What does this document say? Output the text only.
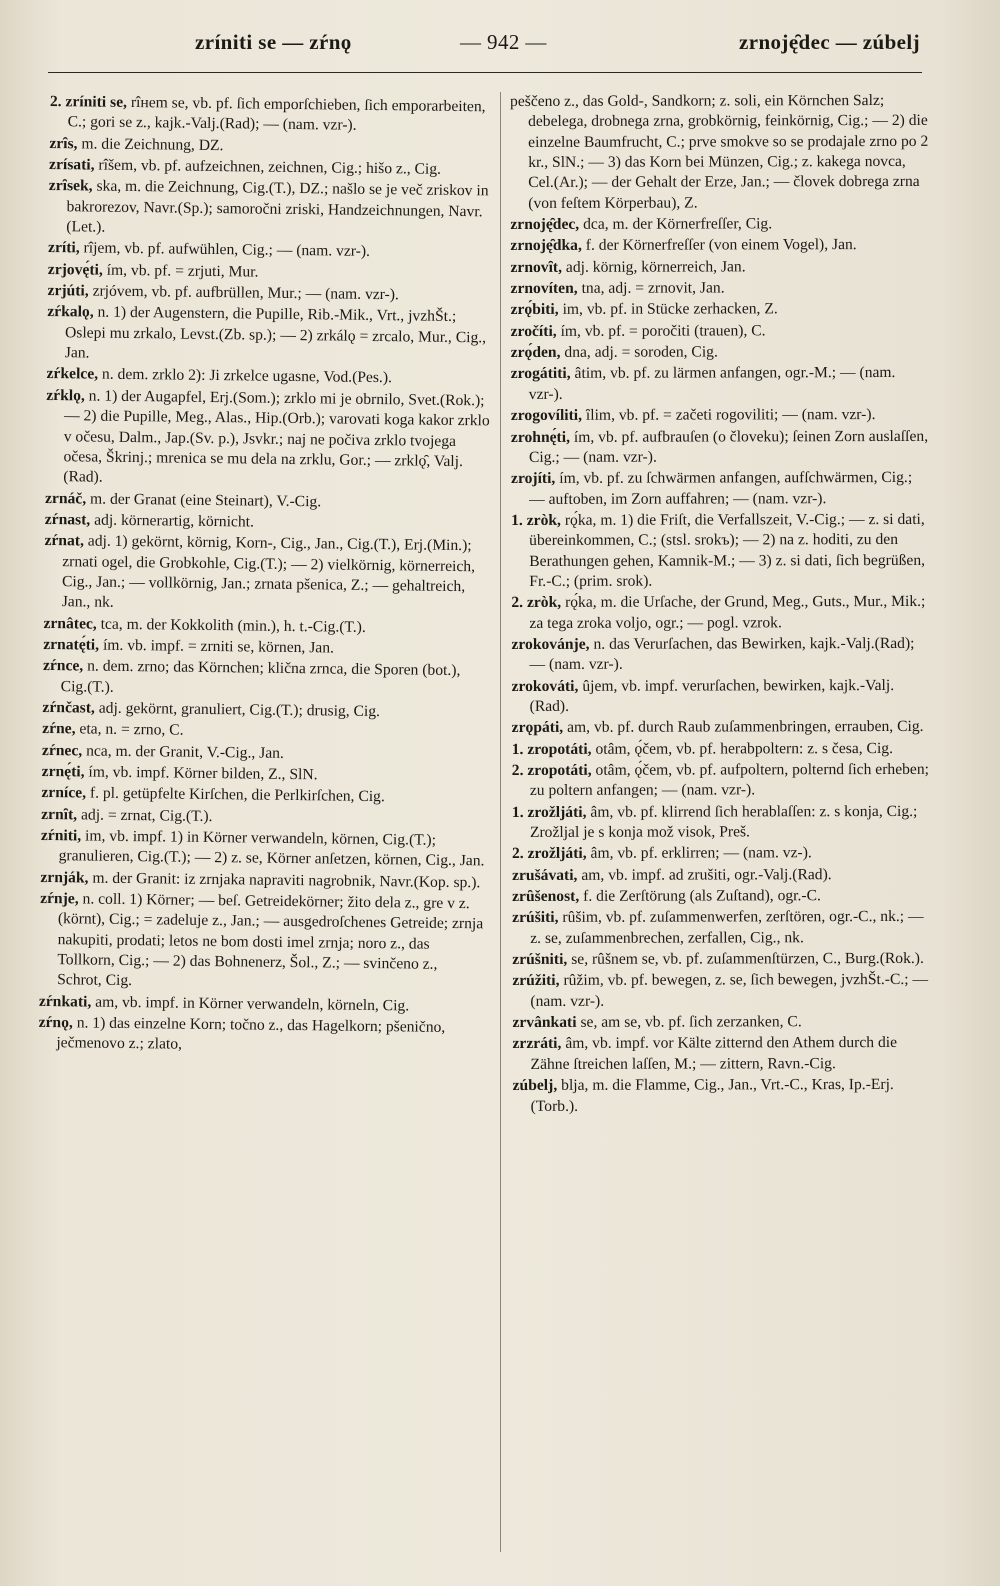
zríniti se — zŕnǫ	— 942 —	zrnoję̑dec — zúbelj
2. zríniti se, rîнem se, vb. pf. ſich emporſchieben, ſich emporarbeiten, C.; gori se z., kajk.-Valj.(Rad); — (nam. vzr-).
zrȋs, m. die Zeichnung, DZ.
zrísati, rîšem, vb. pf. aufzeichnen, zeichnen, Cig.; hišo z., Cig.
zrȋsek, ska, m. die Zeichnung, Cig.(T.), DZ.; našlo se je več zriskov in bakrorezov, Navr.(Sp.); samoročni zriski, Handzeichnungen, Navr.(Let.).
zríti, rîjem, vb. pf. aufwühlen, Cig.; — (nam. vzr-).
zrjovę́ti, ím, vb. pf. = zrjuti, Mur.
zrjúti, zrjóvem, vb. pf. aufbrüllen, Mur.; — (nam. vzr-).
zŕkalǫ, n. 1) der Augenstern, die Pupille, Rib.-Mik., Vrt., jvzhŠt.; Oslepi mu zrkalo, Levst.(Zb. sp.); — 2) zrkálǫ = zrcalo, Mur., Cig., Jan.
zŕkelce, n. dem. zrklo 2): Ji zrkelce ugasne, Vod.(Pes.).
zŕklǫ, n. 1) der Augapfel, Erj.(Som.); zrklo mi je obrnilo, Svet.(Rok.); — 2) die Pupille, Meg., Alas., Hip.(Orb.); varovati koga kakor zrklo v očesu, Dalm., Jap.(Sv. p.), Jsvkr.; naj ne počiva zrklo tvojega očesa, Škrinj.; mrenica se mu dela na zrklu, Gor.; — zrklǫ̑, Valj.(Rad).
zrnáč, m. der Granat (eine Steinart), V.-Cig.
zŕnast, adj. körnerartig, körnicht.
zŕnat, adj. 1) gekörnt, körnig, Korn-, Cig., Jan., Cig.(T.), Erj.(Min.); zrnati ogel, die Grobkohle, Cig.(T.); — 2) vielkörnig, körnerreich, Cig., Jan.; — vollkörnig, Jan.; zrnata pšenica, Z.; — gehaltreich, Jan., nk.
zrnâtec, tca, m. der Kokkolith (min.), h. t.-Cig.(T.).
zrnatę́ti, ím. vb. impf. = zrniti se, körnen, Jan.
zŕnce, n. dem. zrno; das Körnchen; klična zrnca, die Sporen (bot.), Cig.(T.).
zŕnčast, adj. gekörnt, granuliert, Cig.(T.); drusig, Cig.
zŕne, eta, n. = zrno, C.
zŕnec, nca, m. der Granit, V.-Cig., Jan.
zrnę́ti, ím, vb. impf. Körner bilden, Z., SlN.
zrníce, f. pl. getüpfelte Kirſchen, die Perlkirſchen, Cig.
zrnȋt, adj. = zrnat, Cig.(T.).
zŕniti, im, vb. impf. 1) in Körner verwandeln, körnen, Cig.(T.); granulieren, Cig.(T.); — 2) z. se, Körner anſetzen, körnen, Cig., Jan.
zrnják, m. der Granit: iz zrnjaka napraviti nagrobnik, Navr.(Kop. sp.).
zŕnje, n. coll. 1) Körner; — beſ. Getreidekörner; žito dela z., gre v z. (körnt), Cig.; = zadeluje z., Jan.; — ausgedroſchenes Getreide; zrnja nakupiti, prodati; letos ne bom dosti imel zrnja; noro z., das Tollkorn, Cig.; — 2) das Bohnenerz, Šol., Z.; — svinčeno z., Schrot, Cig.
zŕnkati, am, vb. impf. in Körner verwandeln, körneln, Cig.
zŕnǫ, n. 1) das einzelne Korn; točno z., das Hagelkorn; pšenično, ječmenovo z.; zlato,
peščeno z., das Gold-, Sandkorn; z. soli, ein Körnchen Salz; debelega, drobnega zrna, grobkörnig, feinkörnig, Cig.; — 2) die einzelne Baumfrucht, C.; prve smokve so se prodajale zrno po 2 kr., SlN.; — 3) das Korn bei Münzen, Cig.; z. kakega novca, Cel.(Ar.); — der Gehalt der Erze, Jan.; — človek dobrega zrna (von feſtem Körperbau), Z.
zrnoję̑dec, dca, m. der Körnerfreſſer, Cig.
zrnoję̑dka, f. der Körnerfreſſer (von einem Vogel), Jan.
zrnovȋt, adj. körnig, körnerreich, Jan.
zrnovíten, tna, adj. = zrnovit, Jan.
zrǫ́biti, im, vb. pf. in Stücke zerhacken, Z.
zročíti, ím, vb. pf. = poročiti (trauen), C.
zrǫ́den, dna, adj. = soroden, Cig.
zrogátiti, âtim, vb. pf. zu lärmen anfangen, ogr.-M.; — (nam. vzr-).
zrogovíliti, ȋlim, vb. pf. = začeti rogoviliti; — (nam. vzr-).
zrohnę́ti, ím, vb. pf. aufbrauſen (o človeku); ſeinen Zorn auslaſſen, Cig.; — (nam. vzr-).
zrojíti, ím, vb. pf. zu ſchwärmen anfangen, aufſchwärmen, Cig.; — auftoben, im Zorn auffahren; — (nam. vzr-).
1. zròk, rǫ́ka, m. 1) die Friſt, die Verfallszeit, V.-Cig.; — z. si dati, übereinkommen, C.; (stsl. srokъ); — 2) na z. hoditi, zu den Berathungen gehen, Kamnik-M.; — 3) z. si dati, ſich begrüßen, Fr.-C.; (prim. srok).
2. zròk, rǫ́ka, m. die Urſache, der Grund, Meg., Guts., Mur., Mik.; za tega zroka voljo, ogr.; — pogl. vzrok.
zrokovánje, n. das Verurſachen, das Bewirken, kajk.-Valj.(Rad); — (nam. vzr-).
zrokováti, ûjem, vb. impf. verurſachen, bewirken, kajk.-Valj.(Rad).
zrǫpáti, am, vb. pf. durch Raub zuſammenbringen, errauben, Cig.
1. zropotáti, otâm, ǫ́čem, vb. pf. herabpoltern: z. s česa, Cig.
2. zropotáti, otâm, ǫ́čem, vb. pf. aufpoltern, polternd ſich erheben; zu poltern anfangen; — (nam. vzr-).
1. zrožljáti, âm, vb. pf. klirrend ſich herablaſſen: z. s konja, Cig.; Zrožljal je s konja mož visok, Preš.
2. zrožljáti, âm, vb. pf. erklirren; — (nam. vz-).
zrušávati, am, vb. impf. ad zrušiti, ogr.-Valj.(Rad).
zrȗšenost, f. die Zerſtörung (als Zuſtand), ogr.-C.
zrúšiti, rûšim, vb. pf. zuſammenwerfen, zerſtören, ogr.-C., nk.; — z. se, zuſammenbrechen, zerfallen, Cig., nk.
zrúšniti, se, rûšnem se, vb. pf. zuſammenſtürzen, C., Burg.(Rok.).
zrúžiti, rûžim, vb. pf. bewegen, z. se, ſich bewegen, jvzhŠt.-C.; — (nam. vzr-).
zrvânkati se, am se, vb. pf. ſich zerzanken, C.
zrzráti, âm, vb. impf. vor Kälte zitternd den Athem durch die Zähne ſtreichen laſſen, M.; — zittern, Ravn.-Cig.
zúbelj, blja, m. die Flamme, Cig., Jan., Vrt.-C., Kras, Ip.-Erj.(Torb.).
